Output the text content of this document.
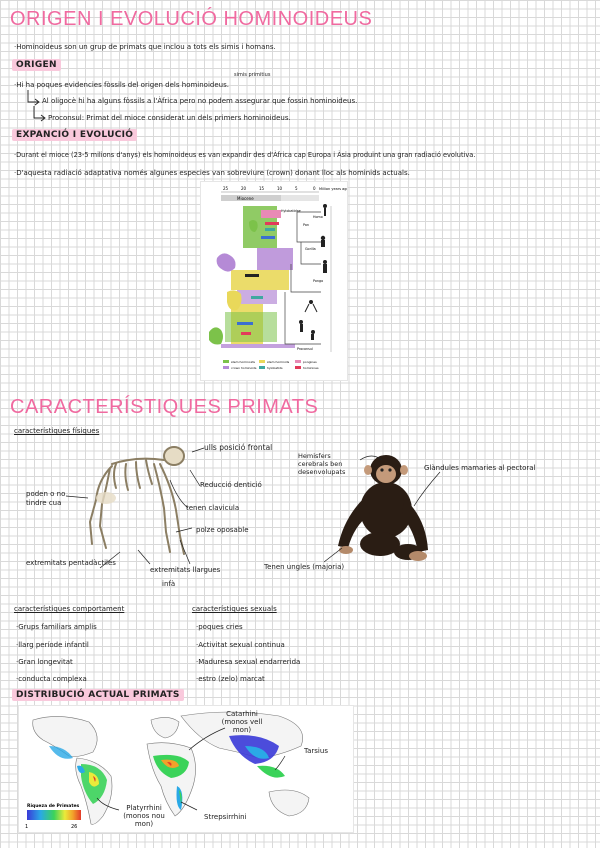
ORIGEN I EVOLUCIÓ HOMINOIDEUS
·Hominoideus son un grup de primats que inclou a tots els simis i homans.
ORIGEN
·Hi ha poques evidencies fòssils del origen dels hominoideus.
simis primitius
Al oligocè hi ha alguns fòssils a l'Àfrica pero no podem assegurar que fossin hominoideus.
Proconsul: Primat del mioce considerat un dels primers hominoideus.
EXPANCIÓ I EVOLUCIÓ
·Durant el mioce (23-5 milions d'anys) els hominoideus es van expandir des d'Àfrica cap Europa i Àsia produint una gran radiació evolutiva.
·D'aquesta radiació adaptativa només algunes especies van sobreviure (crown) donant lloc als hominids actuals.
25	20	15	10	5	0 Million years ago
Miocene
Hylobatidae
Pongo
Gorilla
Pan
Homo
Proconsul
stem hominoids
crown hominoids
stem hominids
hylobatids
pongines
hominines
CARACTERÍSTIQUES PRIMATS
característiques físiques
ulls posició frontal
Reducció dentició
tenen clavicula
poden o no tindre cua
polze oposable
extremitats pentadàctiles
extremitats llargues
infà
Hemisfers cerebrals ben desenvolupats	Glàndules mamaries al pectoral
Tenen ungles (majoria)
característiques comportament
·Grups familiars amplis
·llarg període infantil
·Gran longevitat
·conducta complexa
característiques sexuals
·poques cries
·Activitat sexual continua
·Maduresa sexual endarrerida
·estro (zelo) marcat
DISTRIBUCIÓ ACTUAL PRIMATS
Riqueza de Primates
1	26
Catarhini (monos vell mon)
Tarsius
Platyrrhini (monos nou mon)
Strepsirrhini
